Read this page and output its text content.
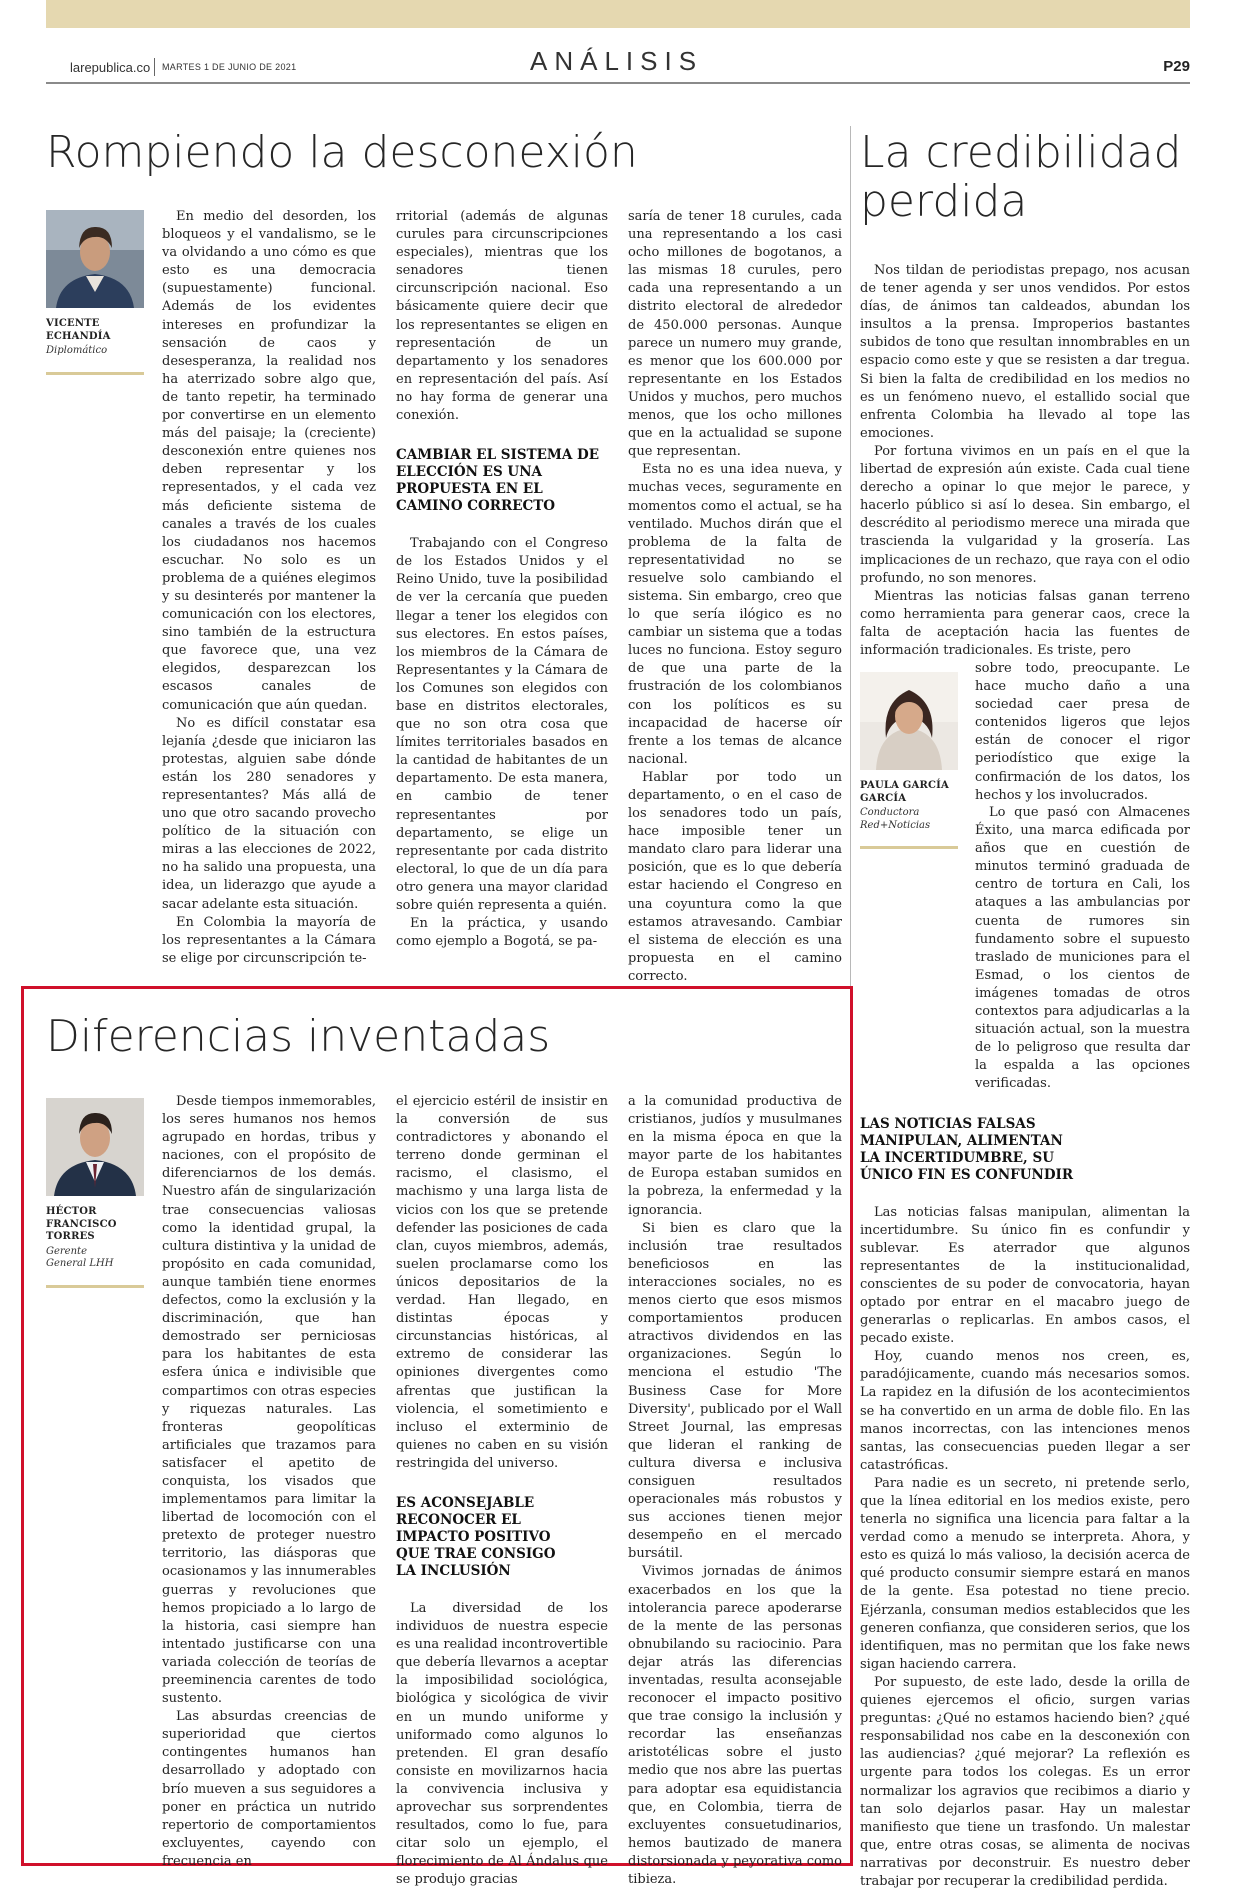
larepublica.co MARTES 1 DE JUNIO DE 2021	ANÁLISIS	P29
Rompiendo la desconexión
VICENTE
ECHANDÍA
Diplomático

En medio del desorden, los bloqueos y el vandalismo, se le va olvidando a uno cómo es que esto es una democracia (supuestamente) funcional. Además de los evidentes intereses en profundizar la sensación de caos y desesperanza, la realidad nos ha aterrizado sobre algo que, de tanto repetir, ha terminado por convertirse en un elemento más del paisaje; la (creciente) desconexión entre quienes nos deben representar y los representados, y el cada vez más deficiente sistema de canales a través de los cuales los ciudadanos nos hacemos escuchar. No solo es un problema de a quiénes elegimos y su desinterés por mantener la comunicación con los electores, sino también de la estructura que favorece que, una vez elegidos, desparezcan los escasos canales de comunicación que aún quedan.

No es difícil constatar esa lejanía ¿desde que iniciaron las protestas, alguien sabe dónde están los 280 senadores y representantes? Más allá de uno que otro sacando provecho político de la situación con miras a las elecciones de 2022, no ha salido una propuesta, una idea, un liderazgo que ayude a sacar adelante esta situación.

En Colombia la mayoría de los representantes a la Cámara se elige por circunscripción te-

rritorial (además de algunas curules para circunscripciones especiales), mientras que los senadores tienen circunscripción nacional. Eso básicamente quiere decir que los representantes se eligen en representación de un departamento y los senadores en representación del país. Así no hay forma de generar una conexión.

CAMBIAR EL SISTEMA DE ELECCIÓN ES UNA PROPUESTA EN EL CAMINO CORRECTO

Trabajando con el Congreso de los Estados Unidos y el Reino Unido, tuve la posibilidad de ver la cercanía que pueden llegar a tener los elegidos con sus electores. En estos países, los miembros de la Cámara de Representantes y la Cámara de los Comunes son elegidos con base en distritos electorales, que no son otra cosa que límites territoriales basados en la cantidad de habitantes de un departamento. De esta manera, en cambio de tener representantes por departamento, se elige un representante por cada distrito electoral, lo que de un día para otro genera una mayor claridad sobre quién representa a quién.

En la práctica, y usando como ejemplo a Bogotá, se pa-

saría de tener 18 curules, cada una representando a los casi ocho millones de bogotanos, a las mismas 18 curules, pero cada una representando a un distrito electoral de alrededor de 450.000 personas. Aunque parece un numero muy grande, es menor que los 600.000 por representante en los Estados Unidos y muchos, pero muchos menos, que los ocho millones que en la actualidad se supone que representan.

Esta no es una idea nueva, y muchas veces, seguramente en momentos como el actual, se ha ventilado. Muchos dirán que el problema de la falta de representatividad no se resuelve solo cambiando el sistema. Sin embargo, creo que lo que sería ilógico es no cambiar un sistema que a todas luces no funciona. Estoy seguro de que una parte de la frustración de los colombianos con los políticos es su incapacidad de hacerse oír frente a los temas de alcance nacional.

Hablar por todo un departamento, o en el caso de los senadores todo un país, hace imposible tener un mandato claro para liderar una posición, que es lo que debería estar haciendo el Congreso en una coyuntura como la que estamos atravesando. Cambiar el sistema de elección es una propuesta en el camino correcto.

La credibilidad perdida

Nos tildan de periodistas prepago, nos acusan de tener agenda y ser unos vendidos. Por estos días, de ánimos tan caldeados, abundan los insultos a la prensa. Improperios bastantes subidos de tono que resultan innombrables en un espacio como este y que se resisten a dar tregua. Si bien la falta de credibilidad en los medios no es un fenómeno nuevo, el estallido social que enfrenta Colombia ha llevado al tope las emociones.

Por fortuna vivimos en un país en el que la libertad de expresión aún existe. Cada cual tiene derecho a opinar lo que mejor le parece, y hacerlo público si así lo desea. Sin embargo, el descrédito al periodismo merece una mirada que trascienda la vulgaridad y la grosería. Las implicaciones de un rechazo, que raya con el odio profundo, no son menores.

Mientras las noticias falsas ganan terreno como herramienta para generar caos, crece la falta de aceptación hacia las fuentes de información tradicionales. Es triste, pero

PAULA GARCÍA
GARCÍA
Conductora
Red+Noticias

sobre todo, preocupante. Le hace mucho daño a una sociedad caer presa de contenidos ligeros que lejos están de conocer el rigor periodístico que exige la confirmación de los datos, los hechos y los involucrados.

Lo que pasó con Almacenes Éxito, una marca edificada por años que en cuestión de minutos terminó graduada de centro de tortura en Cali, los ataques a las ambulancias por cuenta de rumores sin fundamento sobre el supuesto traslado de municiones para el Esmad, o los cientos de imágenes tomadas de otros contextos para adjudicarlas a la situación actual, son la muestra de lo peligroso que resulta dar la espalda a las opciones verificadas.

LAS NOTICIAS FALSAS MANIPULAN, ALIMENTAN LA INCERTIDUMBRE, SU ÚNICO FIN ES CONFUNDIR

Las noticias falsas manipulan, alimentan la incertidumbre. Su único fin es confundir y sublevar. Es aterrador que algunos representantes de la institucionalidad, conscientes de su poder de convocatoria, hayan optado por entrar en el macabro juego de generarlas o replicarlas. En ambos casos, el pecado existe.

Hoy, cuando menos nos creen, es, paradójicamente, cuando más necesarios somos. La rapidez en la difusión de los acontecimientos se ha convertido en un arma de doble filo. En las manos incorrectas, con las intenciones menos santas, las consecuencias pueden llegar a ser catastróficas.

Para nadie es un secreto, ni pretende serlo, que la línea editorial en los medios existe, pero tenerla no significa una licencia para faltar a la verdad como a menudo se interpreta. Ahora, y esto es quizá lo más valioso, la decisión acerca de qué producto consumir siempre estará en manos de la gente. Esa potestad no tiene precio. Ejérzanla, consuman medios establecidos que les generen confianza, que consideren serios, que los identifiquen, mas no permitan que los fake news sigan haciendo carrera.

Por supuesto, de este lado, desde la orilla de quienes ejercemos el oficio, surgen varias preguntas: ¿Qué no estamos haciendo bien? ¿qué responsabilidad nos cabe en la desconexión con las audiencias? ¿qué mejorar? La reflexión es urgente para todos los colegas. Es un error normalizar los agravios que recibimos a diario y tan solo dejarlos pasar. Hay un malestar manifiesto que tiene un trasfondo. Un malestar que, entre otras cosas, se alimenta de nocivas narrativas por deconstruir. Es nuestro deber trabajar por recuperar la credibilidad perdida.

Diferencias inventadas
HÉCTOR
FRANCISCO
TORRES
Gerente
General LHH

Desde tiempos inmemorables, los seres humanos nos hemos agrupado en hordas, tribus y naciones, con el propósito de diferenciarnos de los demás. Nuestro afán de singularización trae consecuencias valiosas como la identidad grupal, la cultura distintiva y la unidad de propósito en cada comunidad, aunque también tiene enormes defectos, como la exclusión y la discriminación, que han demostrado ser perniciosas para los habitantes de esta esfera única e indivisible que compartimos con otras especies y riquezas naturales. Las fronteras geopolíticas artificiales que trazamos para satisfacer el apetito de conquista, los visados que implementamos para limitar la libertad de locomoción con el pretexto de proteger nuestro territorio, las diásporas que ocasionamos y las innumerables guerras y revoluciones que hemos propiciado a lo largo de la historia, casi siempre han intentado justificarse con una variada colección de teorías de preeminencia carentes de todo sustento.

Las absurdas creencias de superioridad que ciertos contingentes humanos han desarrollado y adoptado con brío mueven a sus seguidores a poner en práctica un nutrido repertorio de comportamientos excluyentes, cayendo con frecuencia en

el ejercicio estéril de insistir en la conversión de sus contradictores y abonando el terreno donde germinan el racismo, el clasismo, el machismo y una larga lista de vicios con los que se pretende defender las posiciones de cada clan, cuyos miembros, además, suelen proclamarse como los únicos depositarios de la verdad. Han llegado, en distintas épocas y circunstancias históricas, al extremo de considerar las opiniones divergentes como afrentas que justifican la violencia, el sometimiento e incluso el exterminio de quienes no caben en su visión restringida del universo.

ES ACONSEJABLE RECONOCER EL IMPACTO POSITIVO QUE TRAE CONSIGO LA INCLUSIÓN

La diversidad de los individuos de nuestra especie es una realidad incontrovertible que debería llevarnos a aceptar la imposibilidad sociológica, biológica y sicológica de vivir en un mundo uniforme y uniformado como algunos lo pretenden. El gran desafío consiste en movilizarnos hacia la convivencia inclusiva y aprovechar sus sorprendentes resultados, como lo fue, para citar solo un ejemplo, el florecimiento de Al Ándalus que se produjo gracias

a la comunidad productiva de cristianos, judíos y musulmanes en la misma época en que la mayor parte de los habitantes de Europa estaban sumidos en la pobreza, la enfermedad y la ignorancia.

Si bien es claro que la inclusión trae resultados beneficiosos en las interacciones sociales, no es menos cierto que esos mismos comportamientos producen atractivos dividendos en las organizaciones. Según lo menciona el estudio 'The Business Case for More Diversity', publicado por el Wall Street Journal, las empresas que lideran el ranking de cultura diversa e inclusiva consiguen resultados operacionales más robustos y sus acciones tienen mejor desempeño en el mercado bursátil.

Vivimos jornadas de ánimos exacerbados en los que la intolerancia parece apoderarse de la mente de las personas obnubilando su raciocinio. Para dejar atrás las diferencias inventadas, resulta aconsejable reconocer el impacto positivo que trae consigo la inclusión y recordar las enseñanzas aristotélicas sobre el justo medio que nos abre las puertas para adoptar esa equidistancia que, en Colombia, tierra de excluyentes consuetudinarios, hemos bautizado de manera distorsionada y peyorativa como tibieza.
